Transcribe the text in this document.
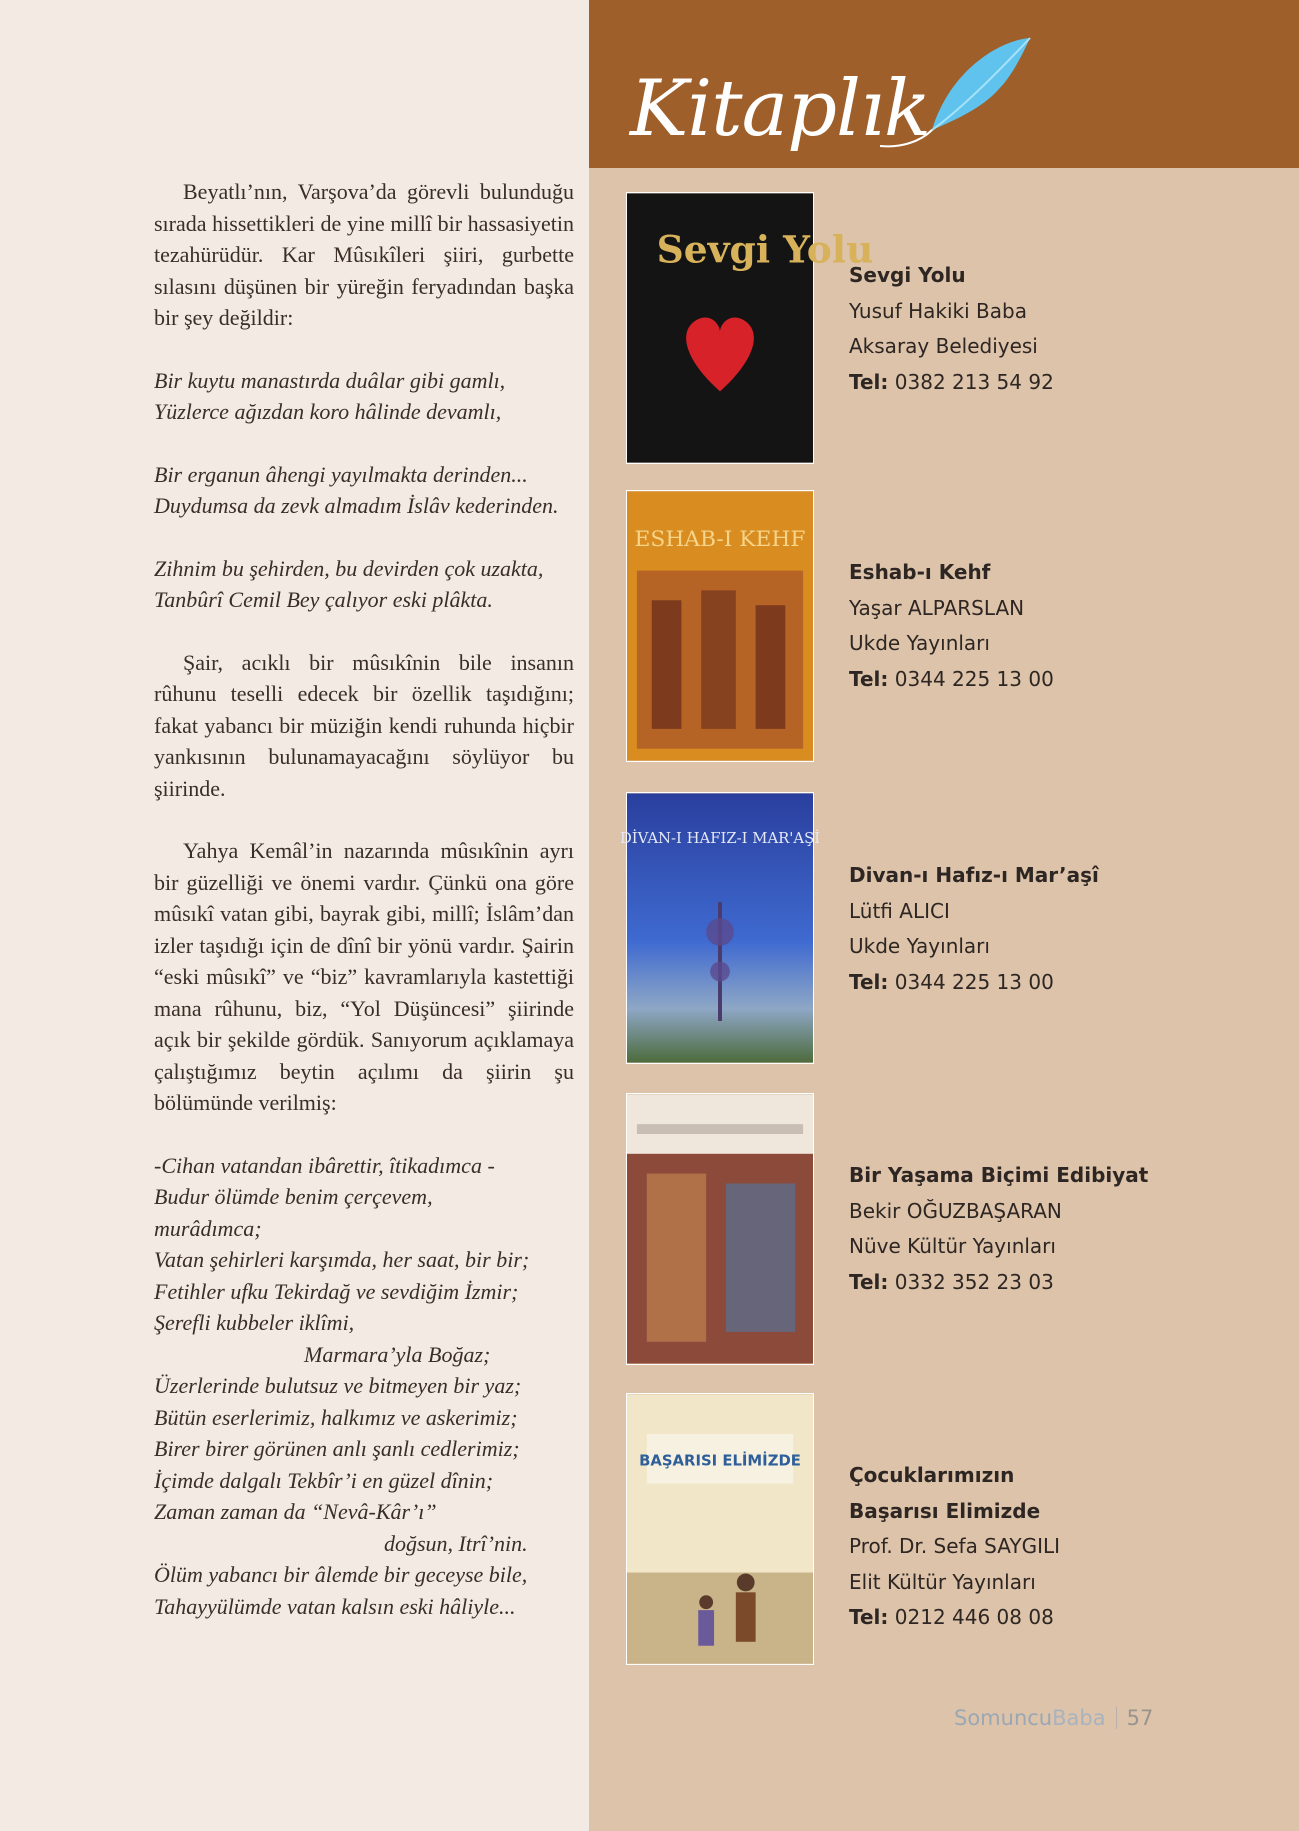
Kitaplık

Beyatlı’nın, Varşova’da görevli bulunduğu sırada hissettikleri de yine millî bir hassasiyetin tezahürüdür. Kar Mûsıkîleri şiiri, gurbette sılasını düşünen bir yüreğin feryadından başka bir şey değildir:

Bir kuytu manastırda duâlar gibi gamlı,
Yüzlerce ağızdan koro hâlinde devamlı,
Bir erganun âhengi yayılmakta derinden...
Duydumsa da zevk almadım İslâv kederinden.
Zihnim bu şehirden, bu devirden çok uzakta,
Tanbûrî Cemil Bey çalıyor eski plâkta.

Şair, acıklı bir mûsıkînin bile insanın rûhunu teselli edecek bir özellik taşıdığını; fakat yabancı bir müziğin kendi ruhunda hiçbir yankısının bulunamayacağını söylüyor bu şiirinde.

Yahya Kemâl’in nazarında mûsıkînin ayrı bir güzelliği ve önemi vardır. Çünkü ona göre mûsıkî vatan gibi, bayrak gibi, millî; İslâm’dan izler taşıdığı için de dînî bir yönü vardır. Şairin “eski mûsıkî” ve “biz” kavramlarıyla kastettiği mana rûhunu, biz, “Yol Düşüncesi” şiirinde açık bir şekilde gördük. Sanıyorum açıklamaya çalıştığımız beytin açılımı da şiirin şu bölümünde verilmiş:

-Cihan vatandan ibârettir, îtikadımca -
Budur ölümde benim çerçevem,
murâdımca;
Vatan şehirleri karşımda, her saat, bir bir;
Fetihler ufku Tekirdağ ve sevdiğim İzmir;
Şerefli kubbeler iklîmi,
Marmara’yla Boğaz;
Üzerlerinde bulutsuz ve bitmeyen bir yaz;
Bütün eserlerimiz, halkımız ve askerimiz;
Birer birer görünen anlı şanlı cedlerimiz;
İçimde dalgalı Tekbîr’i en güzel dînin;
Zaman zaman da “Nevâ-Kâr’ı”
doğsun, Itrî’nin.
Ölüm yabancı bir âlemde bir geceyse bile,
Tahayyülümde vatan kalsın eski hâliyle...
Sevgi Yolu
Sevgi Yolu
Yusuf Hakiki Baba
Aksaray Belediyesi
Tel: 0382 213 54 92
ESHAB-I KEHF
Eshab-ı Kehf
Yaşar ALPARSLAN
Ukde Yayınları
Tel: 0344 225 13 00
DİVAN-I HAFIZ-I MAR'AŞİ
Divan-ı Hafız-ı Mar’aşî
Lütfi ALICI
Ukde Yayınları
Tel: 0344 225 13 00
Bir Yaşama Biçimi Edibiyat
Bekir OĞUZBAŞARAN
Nüve Kültür Yayınları
Tel: 0332 352 23 03
BAŞARISI ELİMİZDE
Çocuklarımızın
Başarısı Elimizde
Prof. Dr. Sefa SAYGILI
Elit Kültür Yayınları
Tel: 0212 446 08 08
SomuncuBaba 57
